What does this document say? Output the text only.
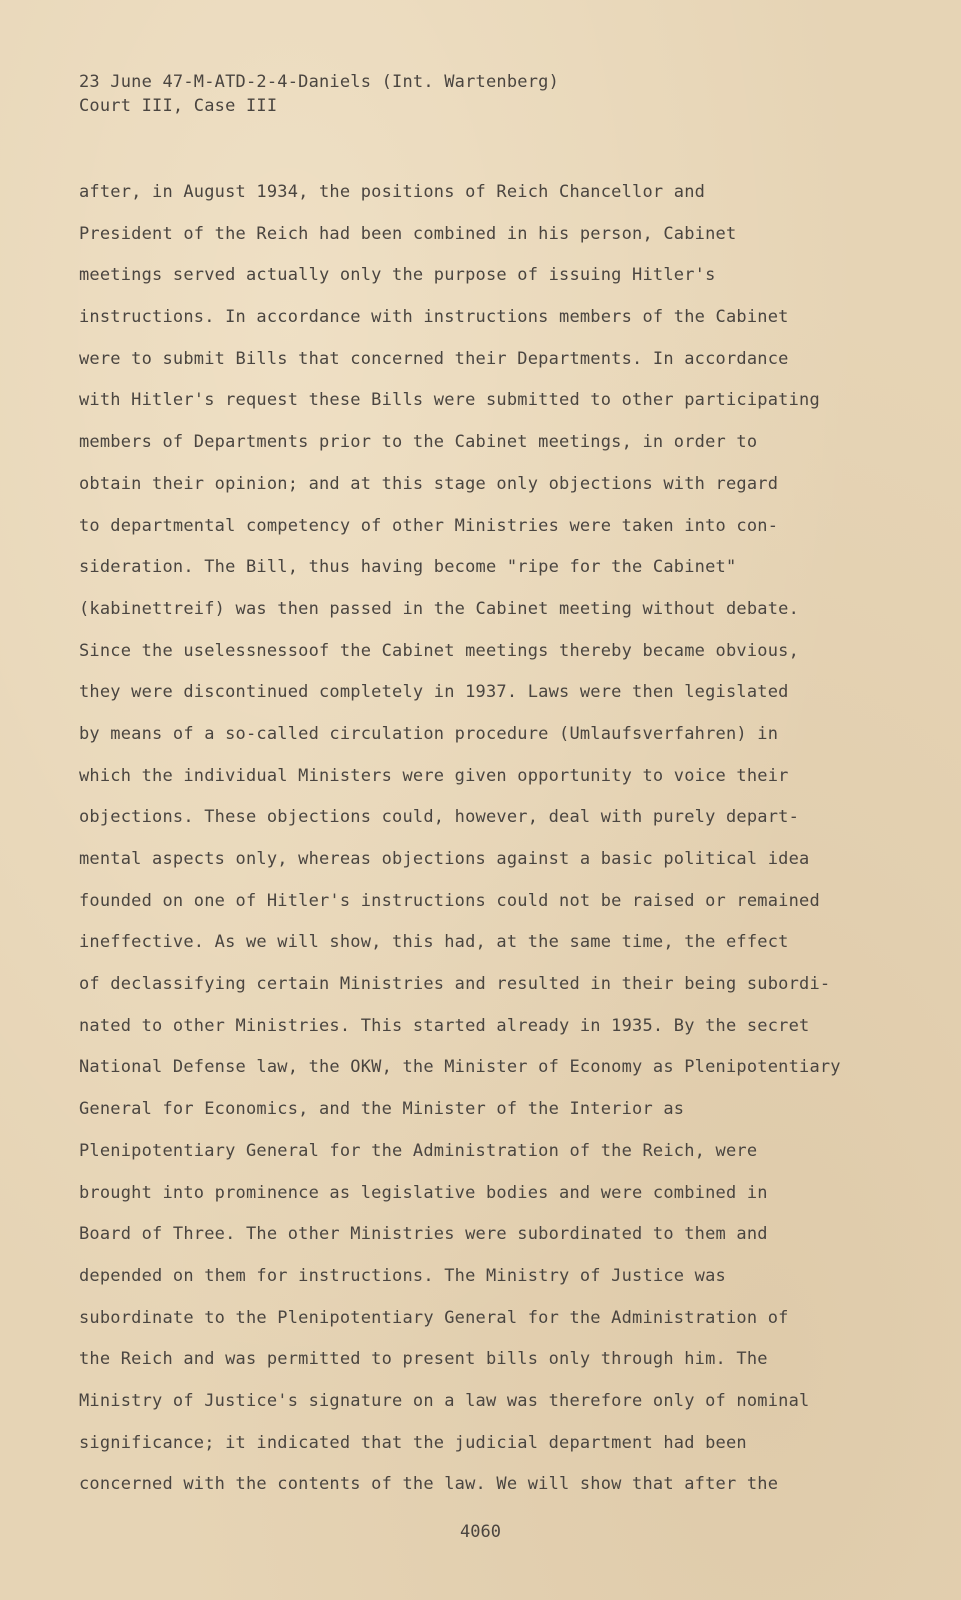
23 June 47-M-ATD-2-4-Daniels (Int. Wartenberg)
Court III, Case III
after, in August 1934, the positions of Reich Chancellor and
President of the Reich had been combined in his person, Cabinet
meetings served actually only the purpose of issuing Hitler's
instructions. In accordance with instructions members of the Cabinet
were to submit Bills that concerned their Departments. In accordance
with Hitler's request these Bills were submitted to other participating
members of Departments prior to the Cabinet meetings, in order to
obtain their opinion; and at this stage only objections with regard
to departmental competency of other Ministries were taken into con-
sideration. The Bill, thus having become "ripe for the Cabinet"
(kabinettreif) was then passed in the Cabinet meeting without debate.
Since the uselessnessoof the Cabinet meetings thereby became obvious,
they were discontinued completely in 1937. Laws were then legislated
by means of a so-called circulation procedure (Umlaufsverfahren) in
which the individual Ministers were given opportunity to voice their
objections. These objections could, however, deal with purely depart-
mental aspects only, whereas objections against a basic political idea
founded on one of Hitler's instructions could not be raised or remained
ineffective. As we will show, this had, at the same time, the effect
of declassifying certain Ministries and resulted in their being subordi-
nated to other Ministries. This started already in 1935. By the secret
National Defense law, the OKW, the Minister of Economy as Plenipotentiary
General for Economics, and the Minister of the Interior as
Plenipotentiary General for the Administration of the Reich, were
brought into prominence as legislative bodies and were combined in
Board of Three. The other Ministries were subordinated to them and
depended on them for instructions. The Ministry of Justice was
subordinate to the Plenipotentiary General for the Administration of
the Reich and was permitted to present bills only through him. The
Ministry of Justice's signature on a law was therefore only of nominal
significance; it indicated that the judicial department had been
concerned with the contents of the law. We will show that after the
4060
